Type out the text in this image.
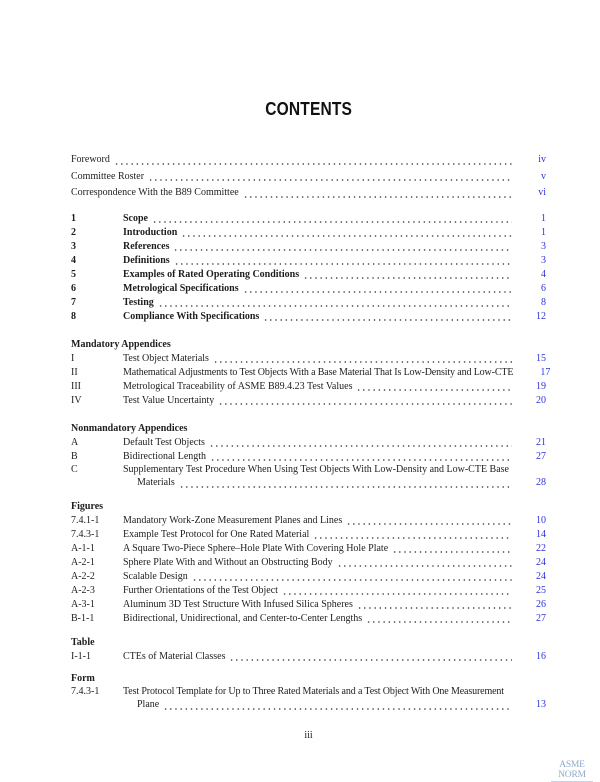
CONTENTS
Foreword	iv
Committee Roster	v
Correspondence With the B89 Committee	vi
1	Scope	1
2	Introduction	1
3	References	3
4	Definitions	3
5	Examples of Rated Operating Conditions	4
6	Metrological Specifications	6
7	Testing	8
8	Compliance With Specifications	12
Mandatory Appendices
I	Test Object Materials	15
II	Mathematical Adjustments to Test Objects With a Base Material That Is Low-Density and Low-CTE	17
III	Metrological Traceability of ASME B89.4.23 Test Values	19
IV	Test Value Uncertainty	20
Nonmandatory Appendices
A	Default Test Objects	21
B	Bidirectional Length	27
C	Supplementary Test Procedure When Using Test Objects With Low-Density and Low-CTE Base
Materials	28
Figures
7.4.1-1	Mandatory Work-Zone Measurement Planes and Lines	10
7.4.3-1	Example Test Protocol for One Rated Material	14
A-1-1	A Square Two-Piece Sphere–Hole Plate With Covering Hole Plate	22
A-2-1	Sphere Plate With and Without an Obstructing Body	24
A-2-2	Scalable Design	24
A-2-3	Further Orientations of the Test Object	25
A-3-1	Aluminum 3D Test Structure With Infused Silica Spheres	26
B-1-1	Bidirectional, Unidirectional, and Center-to-Center Lengths	27
Table
I-1-1	CTEs of Material Classes	16
Form
7.4.3-1	Test Protocol Template for Up to Three Rated Materials and a Test Object With One Measurement
Plane	13
iii
ASME NORM
